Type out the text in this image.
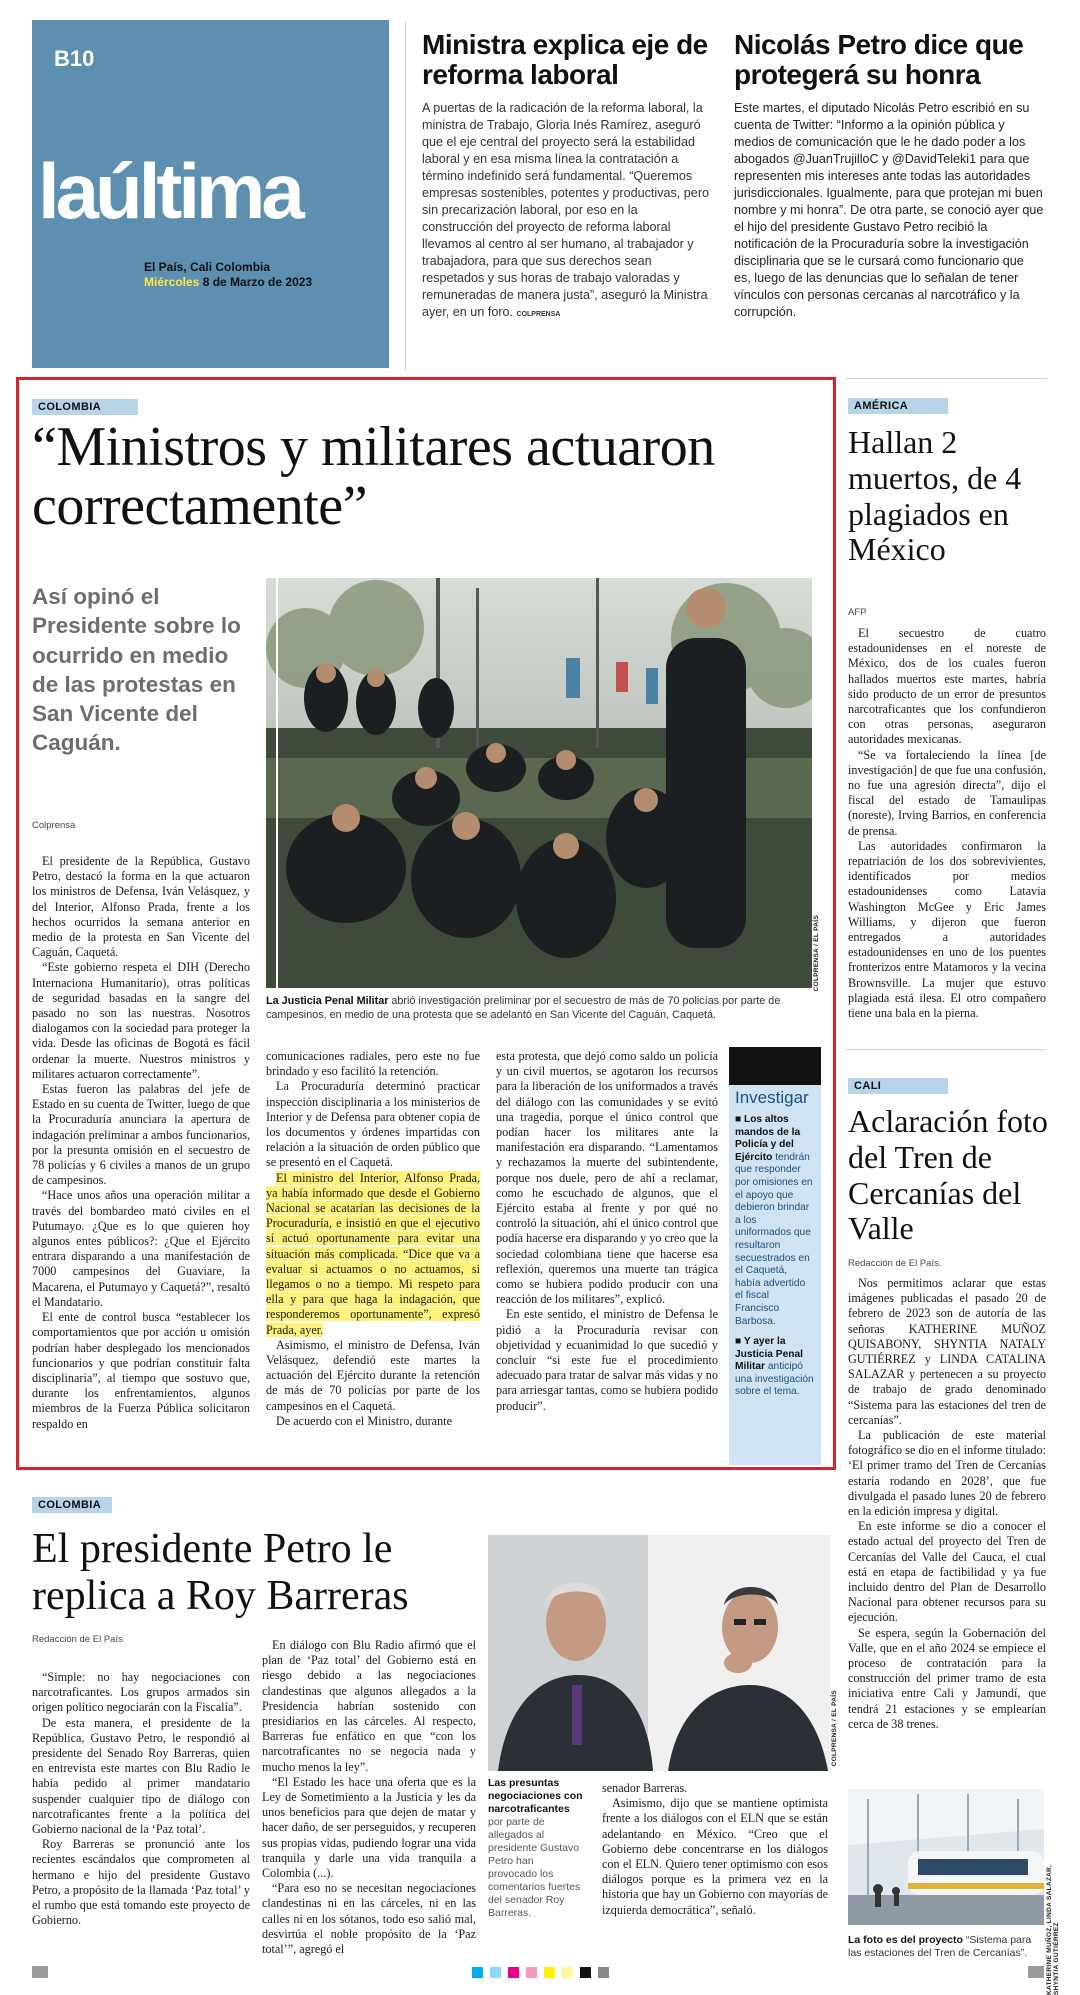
B10
laúltima
El País, Cali Colombia
Miércoles 8 de Marzo de 2023
Ministra explica eje de reforma laboral

A puertas de la radicación de la reforma laboral, la ministra de Trabajo, Gloria Inés Ramírez, aseguró que el eje central del proyecto será la estabilidad laboral y en esa misma línea la contratación a término indefinido será fundamental. “Queremos empresas sostenibles, potentes y productivas, pero sin precarización laboral, por eso en la construcción del proyecto de reforma laboral llevamos al centro al ser humano, al trabajador y trabajadora, para que sus derechos sean respetados y sus horas de trabajo valoradas y remuneradas de manera justa”, aseguró la Ministra ayer, en un foro. COLPRENSA

Nicolás Petro dice que protegerá su honra

Este martes, el diputado Nicolás Petro escribió en su cuenta de Twitter: “Informo a la opinión pública y medios de comunicación que le he dado poder a los abogados @JuanTrujilloC y @DavidTeleki1 para que representen mis intereses ante todas las autoridades jurisdiccionales. Igualmente, para que protejan mi buen nombre y mi honra”. De otra parte, se conoció ayer que el hijo del presidente Gustavo Petro recibió la notificación de la Procuraduría sobre la investigación disciplinaria que se le cursará como funcionario que es, luego de las denuncias que lo señalan de tener vínculos con personas cercanas al narcotráfico y la corrupción.

COLOMBIA
“Ministros y militares actuaron correctamente”
Así opinó el Presidente sobre lo ocurrido en medio de las protestas en San Vicente del Caguán.
Colprensa
COLPRENSA / EL PAÍS
La Justicia Penal Militar abrió investigación preliminar por el secuestro de más de 70 policías por parte de campesinos, en medio de una protesta que se adelantó en San Vicente del Caguán, Caquetá.

El presidente de la República, Gustavo Petro, destacó la forma en la que actuaron los ministros de Defensa, Iván Velásquez, y del Interior, Alfonso Prada, frente a los hechos ocurridos la semana anterior en medio de la protesta en San Vicente del Caguán, Caquetá.

“Este gobierno respeta el DIH (Derecho Internaciona Humanitario), otras políticas de seguridad basadas en la sangre del pasado no son las nuestras. Nosotros dialogamos con la sociedad para proteger la vida. Desde las oficinas de Bogotá es fácil ordenar la muerte. Nuestros ministros y militares actuaron correctamente”.

Estas fueron las palabras del jefe de Estado en su cuenta de Twitter, luego de que la Procuraduría anunciara la apertura de indagación preliminar a ambos funcionarios, por la presunta omisión en el secuestro de 78 policías y 6 civiles a manos de un grupo de campesinos.

“Hace unos años una operación militar a través del bombardeo mató civiles en el Putumayo. ¿Que es lo que quieren hoy algunos entes públicos?: ¿Que el Ejército entrara disparando a una manifestación de 7000 campesinos del Guaviare, la Macarena, el Putumayo y Caquetá?”, resaltó el Mandatario.

El ente de control busca “establecer los comportamientos que por acción u omisión podrían haber desplegado los mencionados funcionarios y que podrían constituir falta disciplinaria”, al tiempo que sostuvo que, durante los enfrentamientos, algunos miembros de la Fuerza Pública solicitaron respaldo en

comunicaciones radiales, pero este no fue brindado y eso facilitó la retención.

La Procuraduría determinó practicar inspección disciplinaria a los ministerios de Interior y de Defensa para obtener copia de los documentos y órdenes impartidas con relación a la situación de orden público que se presentó en el Caquetá.

El ministro del Interior, Alfonso Prada, ya había informado que desde el Gobierno Nacional se acatarían las decisiones de la Procuraduría, e insistió en que el ejecutivo sí actuó oportunamente para evitar una situación más complicada. “Dice que va a evaluar si actuamos o no actuamos, si llegamos o no a tiempo. Mi respeto para ella y para que haga la indagación, que responderemos oportunamente”, expresó Prada, ayer.

Asimismo, el ministro de Defensa, Iván Velásquez, defendió este martes la actuación del Ejército durante la retención de más de 70 policías por parte de los campesinos en el Caquetá.

De acuerdo con el Ministro, durante

esta protesta, que dejó como saldo un policía y un civil muertos, se agotaron los recursos para la liberación de los uniformados a través del diálogo con las comunidades y se evitó una tragedia, porque el único control que podían hacer los militares ante la manifestación era disparando. “Lamentamos y rechazamos la muerte del subintendente, porque nos duele, pero de ahí a reclamar, como he escuchado de algunos, que el Ejército estaba al frente y por qué no controló la situación, ahí el único control que podía hacerse era disparando y yo creo que la sociedad colombiana tiene que hacerse esa reflexión, queremos una muerte tan trágica como se hubiera podido producir con una reacción de los militares”, explicó.

En este sentido, el ministro de Defensa le pidió a la Procuraduría revisar con objetividad y ecuanimidad lo que sucedió y concluir “si este fue el procedimiento adecuado para tratar de salvar más vidas y no para arriesgar tantas, como se hubiera podido producir”.

Investigar
■ Los altos mandos de la Policía y del Ejército tendrán que responder por omisiones en el apoyo que debieron brindar a los uniformados que resultaron secuestrados en el Caquetá, había advertido el fiscal Francisco Barbosa.
■ Y ayer la Justicia Penal Militar anticipó una investigación sobre el tema.
AMÉRICA
Hallan 2 muertos, de 4 plagiados en México
AFP

El secuestro de cuatro estadounidenses en el noreste de México, dos de los cuales fueron hallados muertos este martes, habría sido producto de un error de presuntos narcotraficantes que los confundieron con otras personas, aseguraron autoridades mexicanas.

“Se va fortaleciendo la línea [de investigación] de que fue una confusión, no fue una agresión directa”, dijo el fiscal del estado de Tamaulipas (noreste), Irving Barrios, en conferencia de prensa.

Las autoridades confirmaron la repatriación de los dos sobrevivientes, identificados por medios estadounidenses como Latavia Washington McGee y Eric James Williams, y dijeron que fueron entregados a autoridades estadounidenses en uno de los puentes fronterizos entre Matamoros y la vecina Brownsville. La mujer que estuvo plagiada está ilesa. El otro compañero tiene una bala en la pierna.

CALI
Aclaración foto del Tren de Cercanías del Valle
Redacción de El País.

Nos permitimos aclarar que estas imágenes publicadas el pasado 20 de febrero de 2023 son de autoría de las señoras KATHERINE MUÑOZ QUISABONY, SHYNTIA NATALY GUTIÉRREZ y LINDA CATALINA SALAZAR y pertenecen a su proyecto de trabajo de grado denominado “Sistema para las estaciones del tren de cercanías”.

La publicación de este material fotográfico se dio en el informe titulado: ‘El primer tramo del Tren de Cercanías estaría rodando en 2028’, que fue divulgada el pasado lunes 20 de febrero en la edición impresa y digital.

En este informe se dio a conocer el estado actual del proyecto del Tren de Cercanías del Valle del Cauca, el cual está en etapa de factibilidad y ya fue incluido dentro del Plan de Desarrollo Nacional para obtener recursos para su ejecución.

Se espera, según la Gobernación del Valle, que en el año 2024 se empiece el proceso de contratación para la construcción del primer tramo de esta iniciativa entre Cali y Jamundí, que tendrá 21 estaciones y se emplearían cerca de 38 trenes.

KATHERINE MUÑOZ, LINDA SALAZAR, SHYNTIA GUTIÉRREZ
La foto es del proyecto “Sistema para las estaciones del Tren de Cercanías”.
COLOMBIA
El presidente Petro le replica a Roy Barreras
Redacción de El País

“Simple: no hay negociaciones con narcotraficantes. Los grupos armados sin origen político negociarán con la Fiscalía”.

De esta manera, el presidente de la República, Gustavo Petro, le respondió al presidente del Senado Roy Barreras, quien en entrevista este martes con Blu Radio le había pedido al primer mandatario suspender cualquier tipo de diálogo con narcotraficantes frente a la política del Gobierno nacional de la ‘Paz total’.

Roy Barreras se pronunció ante los recientes escándalos que comprometen al hermano e hijo del presidente Gustavo Petro, a propósito de la llamada ‘Paz total’ y el rumbo que está tomando este proyecto de Gobierno.

En diálogo con Blu Radio afirmó que el plan de ‘Paz total’ del Gobierno está en riesgo debido a las negociaciones clandestinas que algunos allegados a la Presidencia habrían sostenido con presidiarios en las cárceles. Al respecto, Barreras fue enfático en que “con los narcotraficantes no se negocia nada y mucho menos la ley”.

“El Estado les hace una oferta que es la Ley de Sometimiento a la Justicia y les da unos beneficios para que dejen de matar y hacer daño, de ser perseguidos, y recuperen sus propias vidas, pudiendo lograr una vida tranquila y darle una vida tranquila a Colombia (...).

“Para eso no se necesitan negociaciones clandestinas ni en las cárceles, ni en las calles ni en los sótanos, todo eso salió mal, desvirtúa el noble propósito de la ‘Paz total’”, agregó el

COLPRENSA / EL PAÍS
Las presuntas negociaciones con narcotraficantes
por parte de allegados al presidente Gustavo Petro han provocado los comentarios fuertes del senador Roy Barreras.

senador Barreras.

Asimismo, dijo que se mantiene optimista frente a los diálogos con el ELN que se están adelantando en México. “Creo que el Gobierno debe concentrarse en los diálogos con el ELN. Quiero tener optimismo con esos diálogos porque es la primera vez en la historia que hay un Gobierno con mayorías de izquierda democrática”, señaló.
